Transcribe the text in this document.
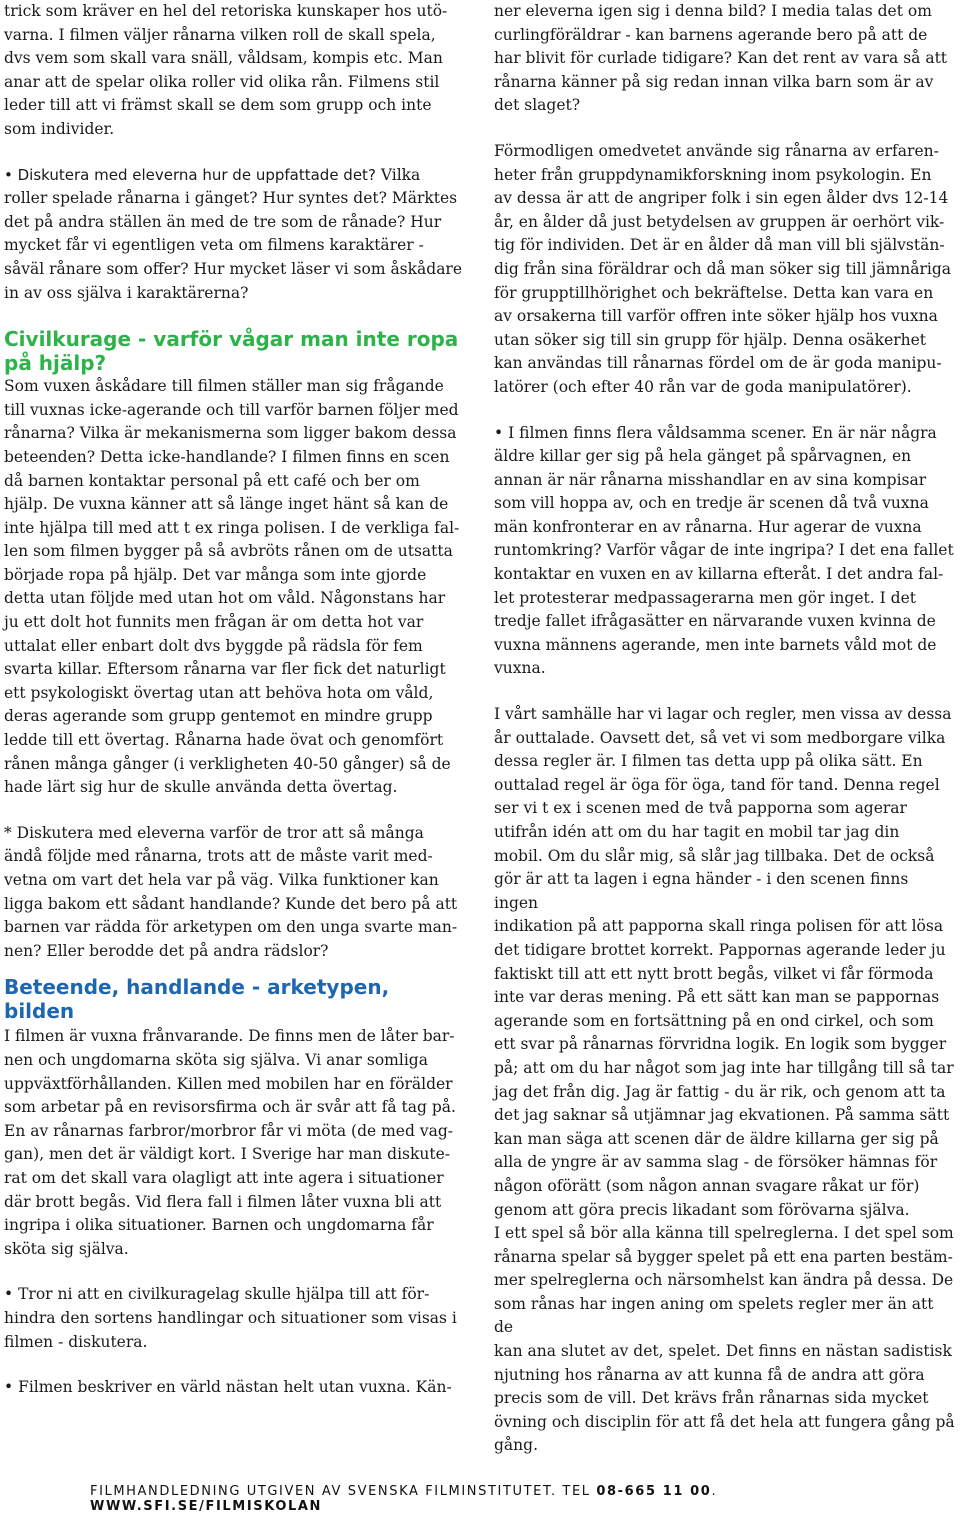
trick som kräver en hel del retoriska kunskaper hos utö-
varna. I filmen väljer rånarna vilken roll de skall spela,
dvs vem som skall vara snäll, våldsam, kompis etc. Man
anar att de spelar olika roller vid olika rån. Filmens stil
leder till att vi främst skall se dem som grupp och inte
som individer.

• Diskutera med eleverna hur de uppfattade det? Vilka
roller spelade rånarna i gänget? Hur syntes det? Märktes
det på andra ställen än med de tre som de rånade? Hur
mycket får vi egentligen veta om filmens karaktärer -
såväl rånare som offer? Hur mycket läser vi som åskådare
in av oss själva i karaktärerna?

Civilkurage - varför vågar man inte ropa
på hjälp?

Som vuxen åskådare till filmen ställer man sig frågande
till vuxnas icke-agerande och till varför barnen följer med
rånarna? Vilka är mekanismerna som ligger bakom dessa
beteenden? Detta icke-handlande? I filmen finns en scen
då barnen kontaktar personal på ett café och ber om
hjälp. De vuxna känner att så länge inget hänt så kan de
inte hjälpa till med att t ex ringa polisen. I de verkliga fal-
len som filmen bygger på så avbröts rånen om de utsatta
började ropa på hjälp. Det var många som inte gjorde
detta utan följde med utan hot om våld. Någonstans har
ju ett dolt hot funnits men frågan är om detta hot var
uttalat eller enbart dolt dvs byggde på rädsla för fem
svarta killar. Eftersom rånarna var fler fick det naturligt
ett psykologiskt övertag utan att behöva hota om våld,
deras agerande som grupp gentemot en mindre grupp
ledde till ett övertag. Rånarna hade övat och genomfört
rånen många gånger (i verkligheten 40-50 gånger) så de
hade lärt sig hur de skulle använda detta övertag.

* Diskutera med eleverna varför de tror att så många
ändå följde med rånarna, trots att de måste varit med-
vetna om vart det hela var på väg. Vilka funktioner kan
ligga bakom ett sådant handlande? Kunde det bero på att
barnen var rädda för arketypen om den unga svarte man-
nen? Eller berodde det på andra rädslor?

Beteende, handlande - arketypen, bilden

I filmen är vuxna frånvarande. De finns men de låter bar-
nen och ungdomarna sköta sig själva. Vi anar somliga
uppväxtförhållanden. Killen med mobilen har en förälder
som arbetar på en revisorsfirma och är svår att få tag på.
En av rånarnas farbror/morbror får vi möta (de med vag-
gan), men det är väldigt kort. I Sverige har man diskute-
rat om det skall vara olagligt att inte agera i situationer
där brott begås. Vid flera fall i filmen låter vuxna bli att
ingripa i olika situationer. Barnen och ungdomarna får
sköta sig själva.

• Tror ni att en civilkuragelag skulle hjälpa till att för-
hindra den sortens handlingar och situationer som visas i
filmen - diskutera.

• Filmen beskriver en värld nästan helt utan vuxna. Kän-

ner eleverna igen sig i denna bild? I media talas det om
curlingföräldrar - kan barnens agerande bero på att de
har blivit för curlade tidigare? Kan det rent av vara så att
rånarna känner på sig redan innan vilka barn som är av
det slaget?

Förmodligen omedvetet använde sig rånarna av erfaren-
heter från gruppdynamikforskning inom psykologin. En
av dessa är att de angriper folk i sin egen ålder dvs 12-14
år, en ålder då just betydelsen av gruppen är oerhört vik-
tig för individen. Det är en ålder då man vill bli självstän-
dig från sina föräldrar och då man söker sig till jämnåriga
för grupptillhörighet och bekräftelse. Detta kan vara en
av orsakerna till varför offren inte söker hjälp hos vuxna
utan söker sig till sin grupp för hjälp. Denna osäkerhet
kan användas till rånarnas fördel om de är goda manipu-
latörer (och efter 40 rån var de goda manipulatörer).

• I filmen finns flera våldsamma scener. En är när några
äldre killar ger sig på hela gänget på spårvagnen, en
annan är när rånarna misshandlar en av sina kompisar
som vill hoppa av, och en tredje är scenen då två vuxna
män konfronterar en av rånarna. Hur agerar de vuxna
runtomkring? Varför vågar de inte ingripa? I det ena fallet
kontaktar en vuxen en av killarna efteråt. I det andra fal-
let protesterar medpassagerarna men gör inget. I det
tredje fallet ifrågasätter en närvarande vuxen kvinna de
vuxna männens agerande, men inte barnets våld mot de
vuxna.

I vårt samhälle har vi lagar och regler, men vissa av dessa
år outtalade. Oavsett det, så vet vi som medborgare vilka
dessa regler är. I filmen tas detta upp på olika sätt. En
outtalad regel är öga för öga, tand för tand. Denna regel
ser vi t ex i scenen med de två papporna som agerar
utifrån idén att om du har tagit en mobil tar jag din
mobil. Om du slår mig, så slår jag tillbaka. Det de också
gör är att ta lagen i egna händer - i den scenen finns ingen
indikation på att papporna skall ringa polisen för att lösa
det tidigare brottet korrekt. Pappornas agerande leder ju
faktiskt till att ett nytt brott begås, vilket vi får förmoda
inte var deras mening. På ett sätt kan man se pappornas
agerande som en fortsättning på en ond cirkel, och som
ett svar på rånarnas förvridna logik. En logik som bygger
på; att om du har något som jag inte har tillgång till så tar
jag det från dig. Jag är fattig - du är rik, och genom att ta
det jag saknar så utjämnar jag ekvationen. På samma sätt
kan man säga att scenen där de äldre killarna ger sig på
alla de yngre är av samma slag - de försöker hämnas för
någon oförätt (som någon annan svagare råkat ur för)
genom att göra precis likadant som förövarna själva.
I ett spel så bör alla känna till spelreglerna. I det spel som
rånarna spelar så bygger spelet på ett ena parten bestäm-
mer spelreglerna och närsomhelst kan ändra på dessa. De
som rånas har ingen aning om spelets regler mer än att de
kan ana slutet av det, spelet. Det finns en nästan sadistisk
njutning hos rånarna av att kunna få de andra att göra
precis som de vill. Det krävs från rånarnas sida mycket
övning och disciplin för att få det hela att fungera gång på
gång.

FILMHANDLEDNING UTGIVEN AV SVENSKA FILMINSTITUTET. TEL 08-665 11 00. WWW.SFI.SE/FILMISKOLAN
